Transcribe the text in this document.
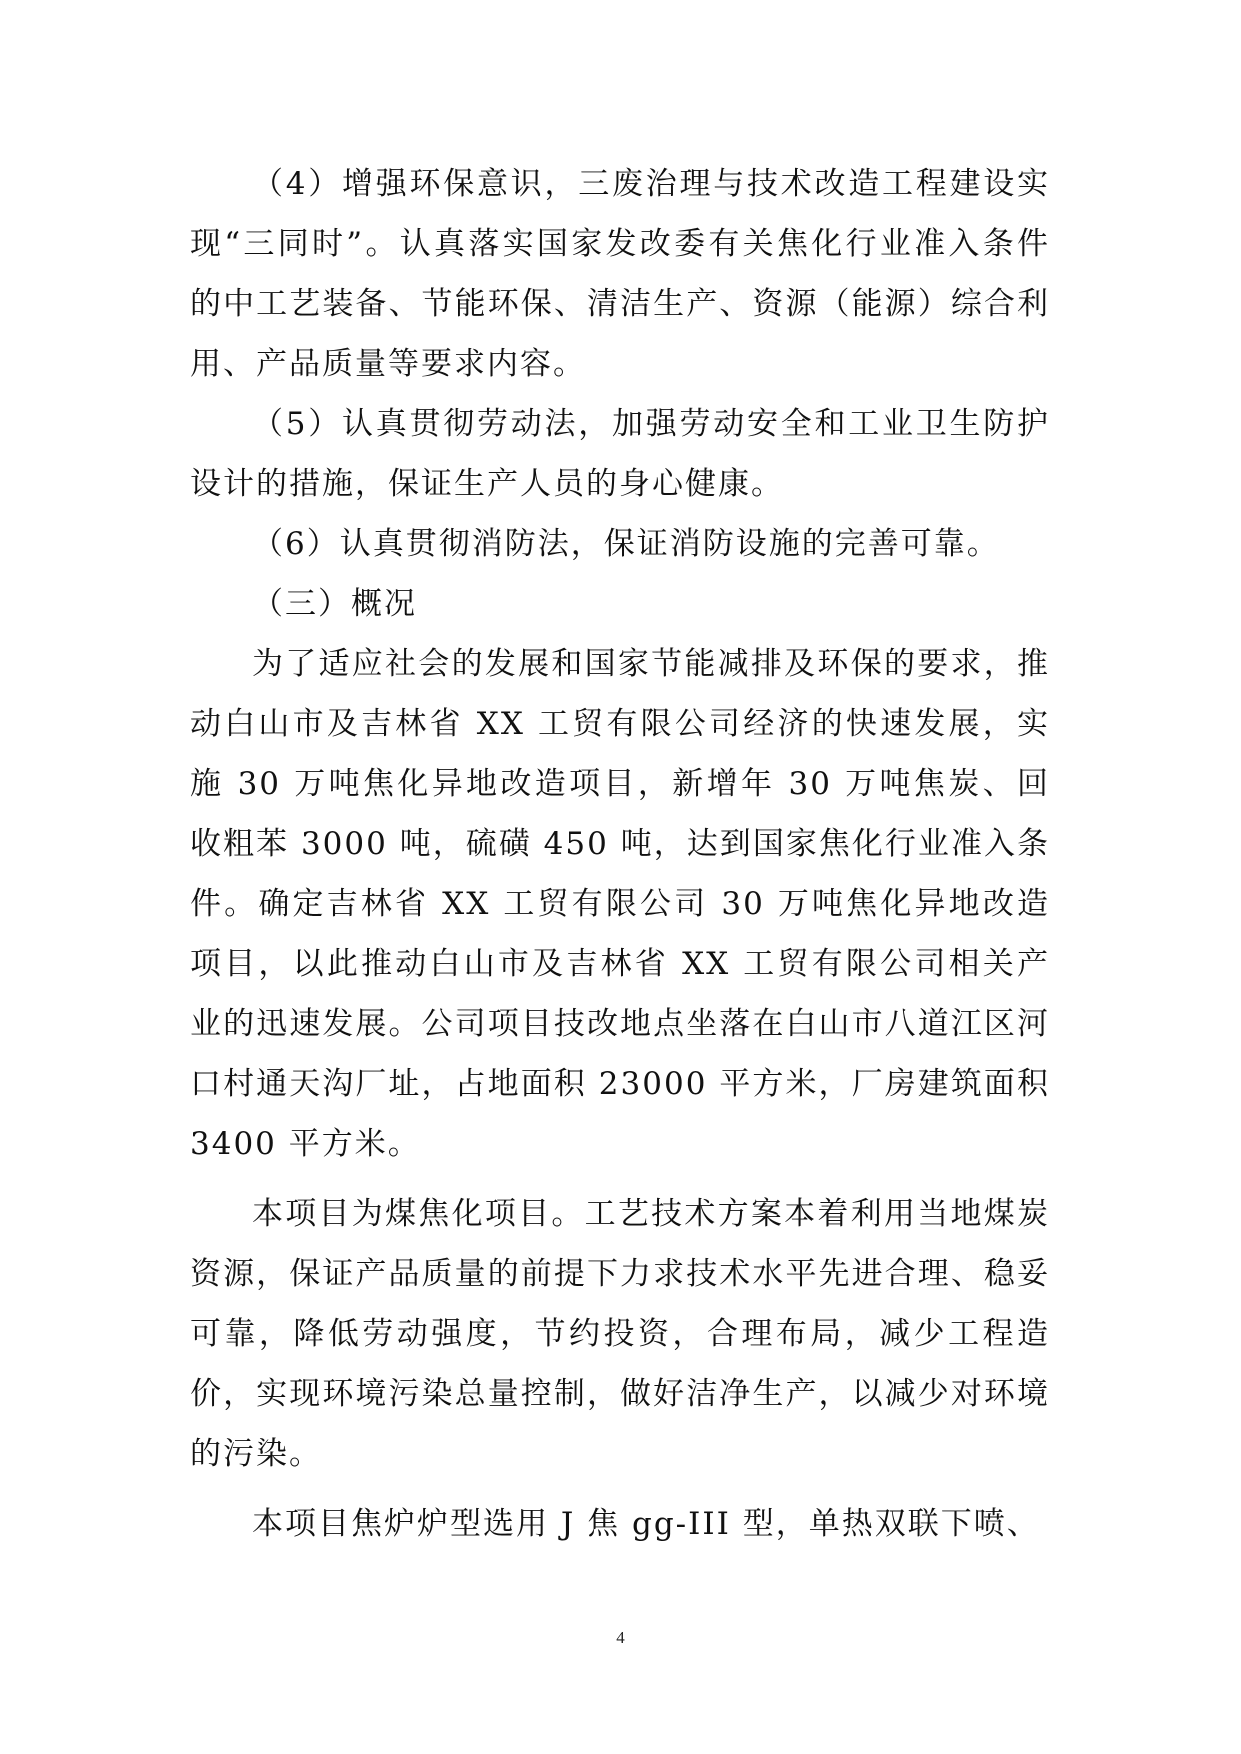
（4）增强环保意识，三废治理与技术改造工程建设实现“三同时”。认真落实国家发改委有关焦化行业准入条件的中工艺装备、节能环保、清洁生产、资源（能源）综合利用、产品质量等要求内容。

（5）认真贯彻劳动法，加强劳动安全和工业卫生防护设计的措施，保证生产人员的身心健康。

（6）认真贯彻消防法，保证消防设施的完善可靠。

（三）概况

为了适应社会的发展和国家节能减排及环保的要求，推动白山市及吉林省 XX 工贸有限公司经济的快速发展，实施 30 万吨焦化异地改造项目，新增年 30 万吨焦炭、回收粗苯 3000 吨，硫磺 450 吨，达到国家焦化行业准入条件。确定吉林省 XX 工贸有限公司 30 万吨焦化异地改造项目，以此推动白山市及吉林省 XX 工贸有限公司相关产业的迅速发展。公司项目技改地点坐落在白山市八道江区河口村通天沟厂址，占地面积 23000 平方米，厂房建筑面积 3400 平方米。

本项目为煤焦化项目。工艺技术方案本着利用当地煤炭资源，保证产品质量的前提下力求技术水平先进合理、稳妥可靠，降低劳动强度，节约投资，合理布局，减少工程造价，实现环境污染总量控制，做好洁净生产，以减少对环境的污染。

本项目焦炉炉型选用 J 焦 gg-III 型，单热双联下喷、

4
